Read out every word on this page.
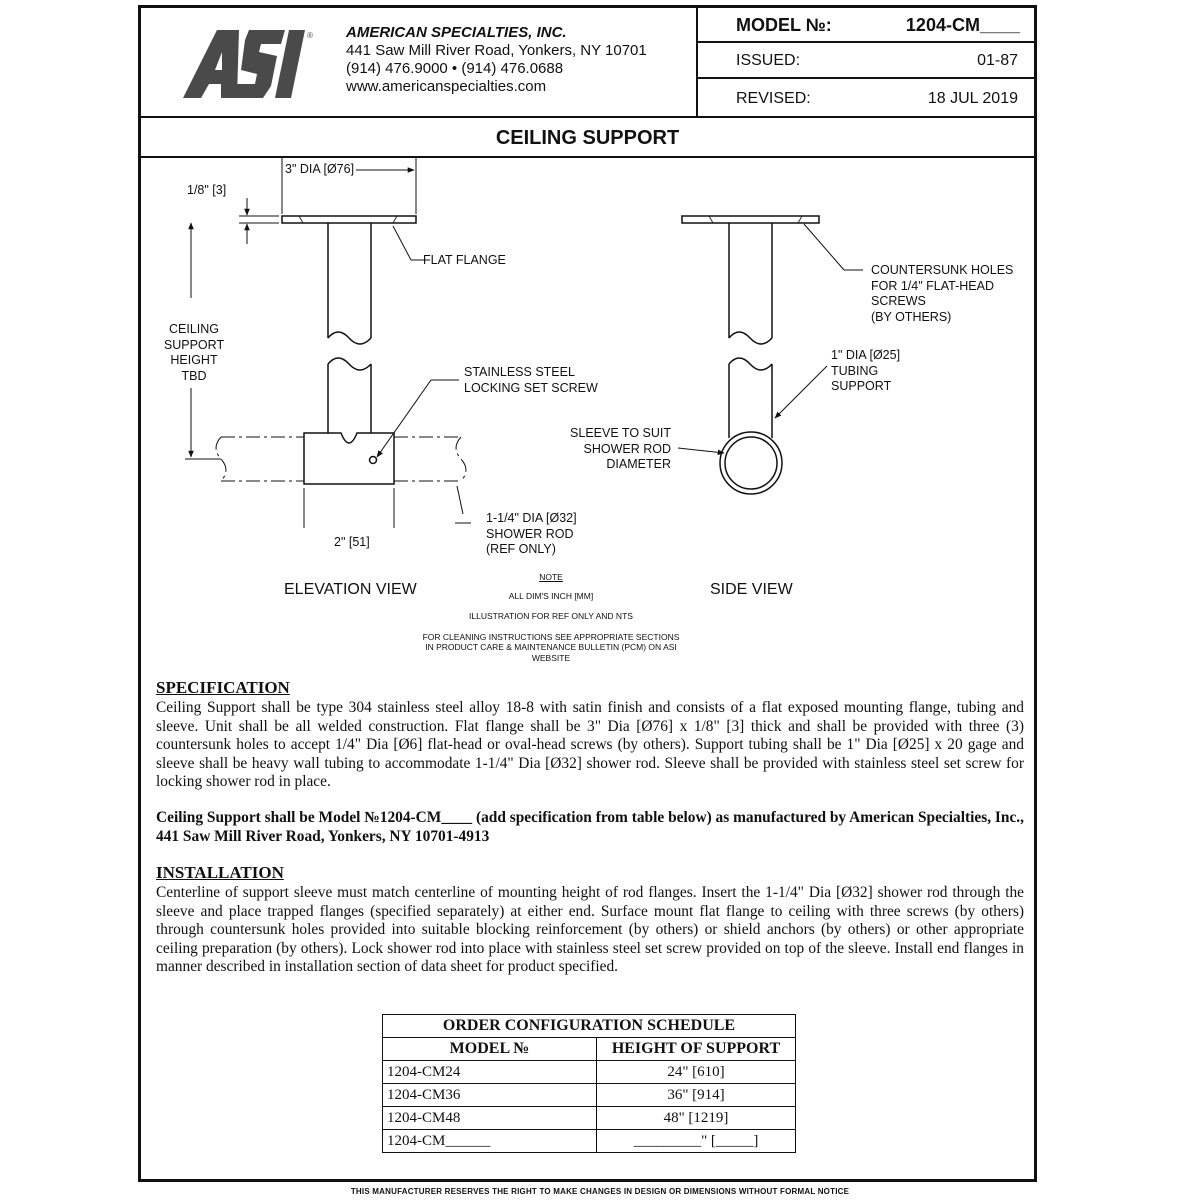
® AMERICAN SPECIALTIES, INC.
441 Saw Mill River Road, Yonkers, NY 10701
(914) 476.9000 • (914) 476.0688
www.americanspecialties.com
MODEL №:	1204-CM____
ISSUED:	01-87
REVISED:	18 JUL 2019
CEILING SUPPORT
3" DIA [Ø76]
1/8" [3]
FLAT FLANGE
CEILING
SUPPORT
HEIGHT
TBD	STAINLESS STEEL
LOCKING SET SCREW
1-1/4" DIA [Ø32]
SHOWER ROD
(REF ONLY)
2" [51]
ELEVATION VIEW	SIDE VIEW
COUNTERSUNK HOLES
FOR 1/4" FLAT-HEAD
SCREWS
(BY OTHERS)
1" DIA [Ø25]
TUBING
SUPPORT
SLEEVE TO SUIT
SHOWER ROD
DIAMETER
NOTE
ALL DIM'S INCH [MM]
ILLUSTRATION FOR REF ONLY AND NTS
FOR CLEANING INSTRUCTIONS SEE APPROPRIATE SECTIONS
IN PRODUCT CARE & MAINTENANCE BULLETIN (PCM) ON ASI
WEBSITE
SPECIFICATION
Ceiling Support shall be type 304 stainless steel alloy 18-8 with satin finish and consists of a flat exposed mounting flange, tubing and sleeve. Unit shall be all welded construction. Flat flange shall be 3" Dia [Ø76] x 1/8" [3] thick and shall be provided with three (3) countersunk holes to accept 1/4" Dia [Ø6] flat-head or oval-head screws (by others). Support tubing shall be 1" Dia [Ø25] x 20 gage and sleeve shall be heavy wall tubing to accommodate 1-1/4" Dia [Ø32] shower rod. Sleeve shall be provided with stainless steel set screw for locking shower rod in place.
Ceiling Support shall be Model №1204-CM____ (add specification from table below) as manufactured by American Specialties, Inc., 441 Saw Mill River Road, Yonkers, NY 10701-4913
INSTALLATION
Centerline of support sleeve must match centerline of mounting height of rod flanges. Insert the 1-1/4" Dia [Ø32] shower rod through the sleeve and place trapped flanges (specified separately) at either end. Surface mount flat flange to ceiling with three screws (by others) through countersunk holes provided into suitable blocking reinforcement (by others) or shield anchors (by others) or other appropriate ceiling preparation (by others). Lock shower rod into place with stainless steel set screw provided on top of the sleeve. Install end flanges in manner described in installation section of data sheet for product specified.
ORDER CONFIGURATION SCHEDULE	
MODEL №	HEIGHT OF SUPPORT
1204-CM24	24" [610]
1204-CM36	36" [914]
1204-CM48	48" [1219]
1204-CM______	_________" [_____]
THIS MANUFACTURER RESERVES THE RIGHT TO MAKE CHANGES IN DESIGN OR DIMENSIONS WITHOUT FORMAL NOTICE
